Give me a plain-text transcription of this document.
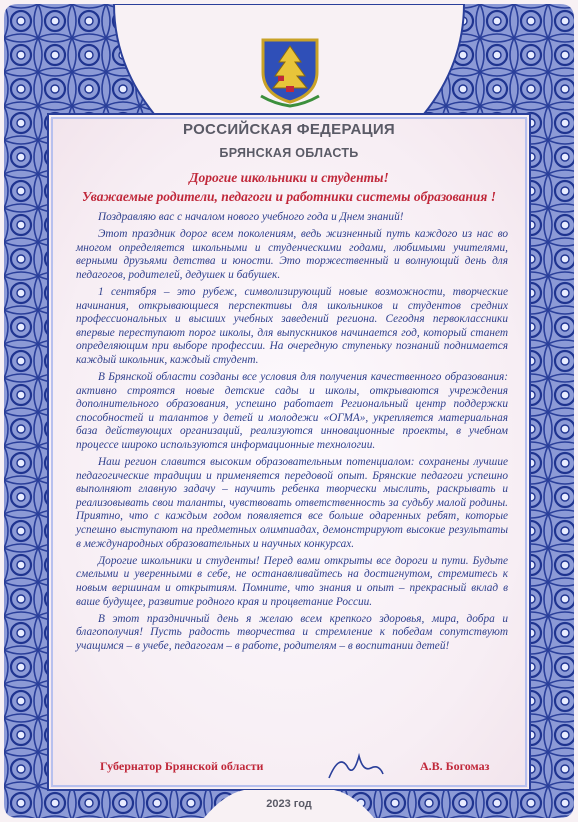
РОССИЙСКАЯ ФЕДЕРАЦИЯ
БРЯНСКАЯ ОБЛАСТЬ
Дорогие школьники и студенты!
Уважаемые родители, педагоги и работники системы образования !

Поздравляю вас с началом нового учебного года и Днем знаний!

Этот праздник дорог всем поколениям, ведь жизненный путь каждого из нас во многом определяется школьными и студенческими годами, любимыми учителями, верными друзьями детства и юности. Это торжественный и волнующий день для педагогов, родителей, дедушек и бабушек.

1 сентября – это рубеж, символизирующий новые возможности, творческие начинания, открывающиеся перспективы для школьников и студентов средних профессиональных и высших учебных заведений региона. Сегодня первоклассники впервые переступают порог школы, для выпускников начинается год, который станет определяющим при выборе профессии. На очередную ступеньку познаний поднимается каждый школьник, каждый студент.

В Брянской области созданы все условия для получения качественного образования: активно строятся новые детские сады и школы, открываются учреждения дополнительного образования, успешно работает Региональный центр поддержки способностей и талантов у детей и молодежи «ОГМА», укрепляется материальная база действующих организаций, реализуются инновационные проекты, в учебном процессе широко используются информационные технологии.

Наш регион славится высоким образовательным потенциалом: сохранены лучшие педагогические традиции и применяется передовой опыт. Брянские педагоги успешно выполняют главную задачу – научить ребенка творчески мыслить, раскрывать и реализовывать свои таланты, чувствовать ответственность за судьбу малой родины. Приятно, что с каждым годом появляется все больше одаренных ребят, которые успешно выступают на предметных олимпиадах, демонстрируют высокие результаты в международных образовательных и научных конкурсах.

Дорогие школьники и студенты! Перед вами открыты все дороги и пути. Будьте смелыми и уверенными в себе, не останавливайтесь на достигнутом, стремитесь к новым вершинам и открытиям. Помните, что знания и опыт – прекрасный вклад в ваше будущее, развитие родного края и процветание России.

В этот праздничный день я желаю всем крепкого здоровья, мира, добра и благополучия! Пусть радость творчества и стремление к победам сопутствуют учащимся – в учебе, педагогам – в работе, родителям – в воспитании детей!

Губернатор Брянской области	А.В. Богомаз
2023 год
